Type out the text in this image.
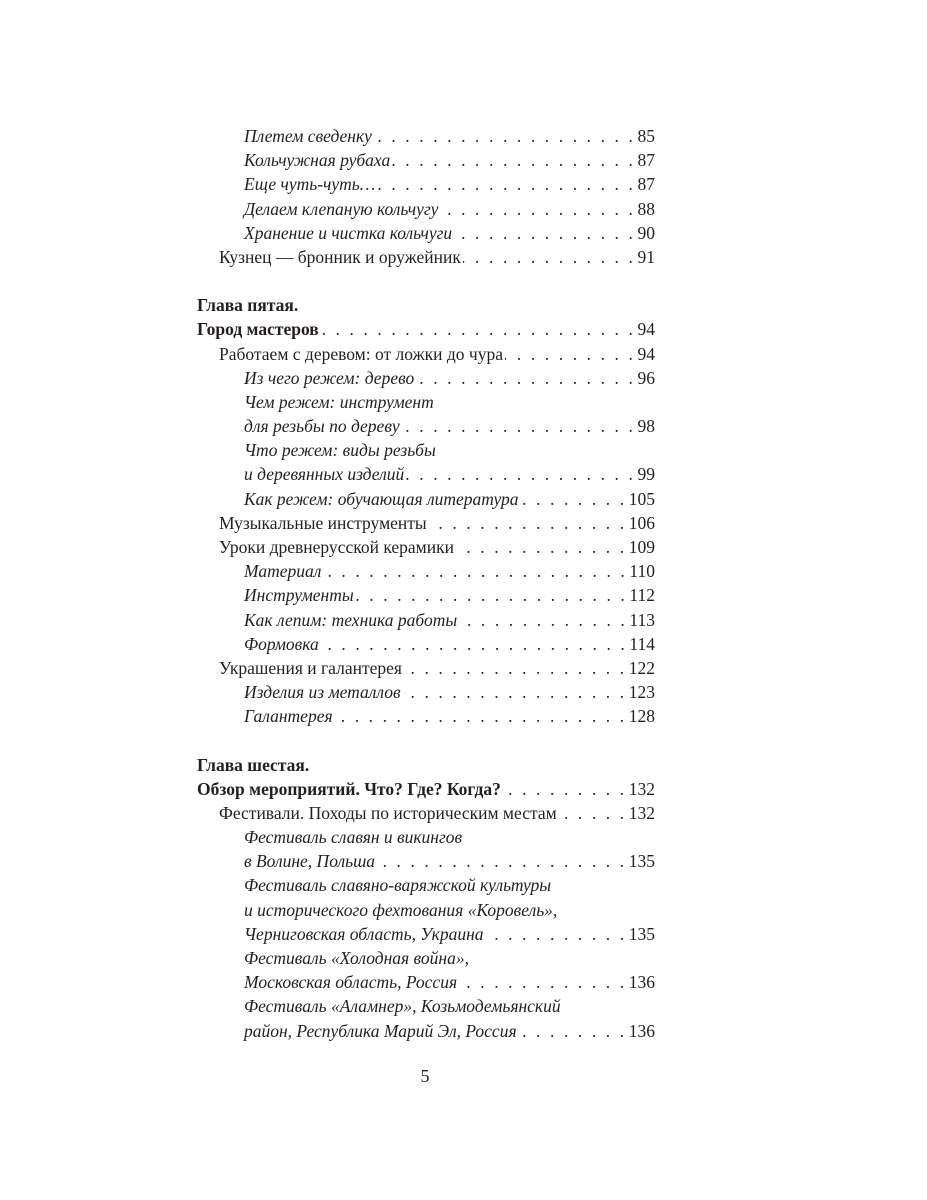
Плетем сведенку . . .	85
Кольчужная рубаха . . .	87
Еще чуть-чуть… . . .	87
Делаем клепаную кольчугу . . .	88
Хранение и чистка кольчуги . . .	90
Кузнец — бронник и оружейник . . .	91
Глава пятая.
Город мастеров . . .	94
Работаем с деревом: от ложки до чура . . .	94
Из чего режем: дерево . . .	96
Чем режем: инструмент
для резьбы по дереву . . .	98
Что режем: виды резьбы
и деревянных изделий . . .	99
Как режем: обучающая литература . . .	105
Музыкальные инструменты . . .	106
Уроки древнерусской керамики . . .	109
Материал . . .	110
Инструменты . . .	112
Как лепим: техника работы . . .	113
Формовка . . .	114
Украшения и галантерея . . .	122
Изделия из металлов . . .	123
Галантерея . . .	128
Глава шестая.
Обзор мероприятий. Что? Где? Когда? . . .	132
Фестивали. Походы по историческим местам . . .	132
Фестиваль славян и викингов
в Волине, Польша . . .	135
Фестиваль славяно-варяжской культуры
и исторического фехтования «Коровель»,
Черниговская область, Украина . . .	135
Фестиваль «Холодная война»,
Московская область, Россия . . .	136
Фестиваль «Аламнер», Козьмодемьянский
район, Республика Марий Эл, Россия . . .	136
5
